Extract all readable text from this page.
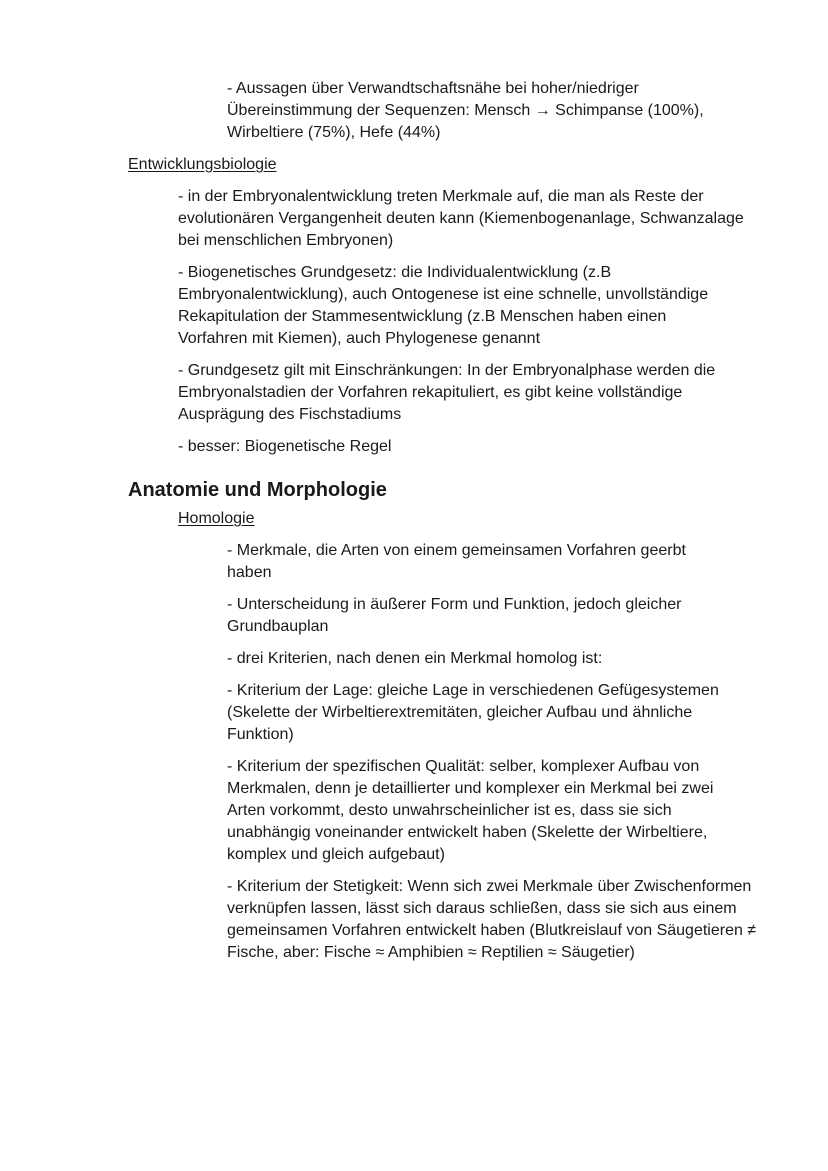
- Aussagen über Verwandtschaftsnähe bei hoher/niedriger Übereinstimmung der Sequenzen: Mensch → Schimpanse (100%), Wirbeltiere (75%), Hefe (44%)

Entwicklungsbiologie

- in der Embryonalentwicklung treten Merkmale auf, die man als Reste der evolutionären Vergangenheit deuten kann (Kiemenbogenanlage, Schwanzalage bei menschlichen Embryonen)

- Biogenetisches Grundgesetz: die Individualentwicklung (z.B Embryonalentwicklung), auch Ontogenese ist eine schnelle, unvollständige Rekapitulation der Stammesentwicklung (z.B Menschen haben einen Vorfahren mit Kiemen), auch Phylogenese genannt

- Grundgesetz gilt mit Einschränkungen: In der Embryonalphase werden die Embryonalstadien der Vorfahren rekapituliert, es gibt keine vollständige Ausprägung des Fischstadiums

- besser: Biogenetische Regel

Anatomie und Morphologie

Homologie

- Merkmale, die Arten von einem gemeinsamen Vorfahren geerbt haben

- Unterscheidung in äußerer Form und Funktion, jedoch gleicher Grundbauplan

- drei Kriterien, nach denen ein Merkmal homolog ist:

- Kriterium der Lage: gleiche Lage in verschiedenen Gefügesystemen (Skelette der Wirbeltierextremitäten, gleicher Aufbau und ähnliche Funktion)

- Kriterium der spezifischen Qualität: selber, komplexer Aufbau von Merkmalen, denn je detaillierter und komplexer ein Merkmal bei zwei Arten vorkommt, desto unwahrscheinlicher ist es, dass sie sich unabhängig voneinander entwickelt haben (Skelette der Wirbeltiere, komplex und gleich aufgebaut)

- Kriterium der Stetigkeit: Wenn sich zwei Merkmale über Zwischenformen verknüpfen lassen, lässt sich daraus schließen, dass sie sich aus einem gemeinsamen Vorfahren entwickelt haben (Blutkreislauf von Säugetieren ≠ Fische, aber: Fische ≈ Amphibien ≈ Reptilien ≈ Säugetier)
